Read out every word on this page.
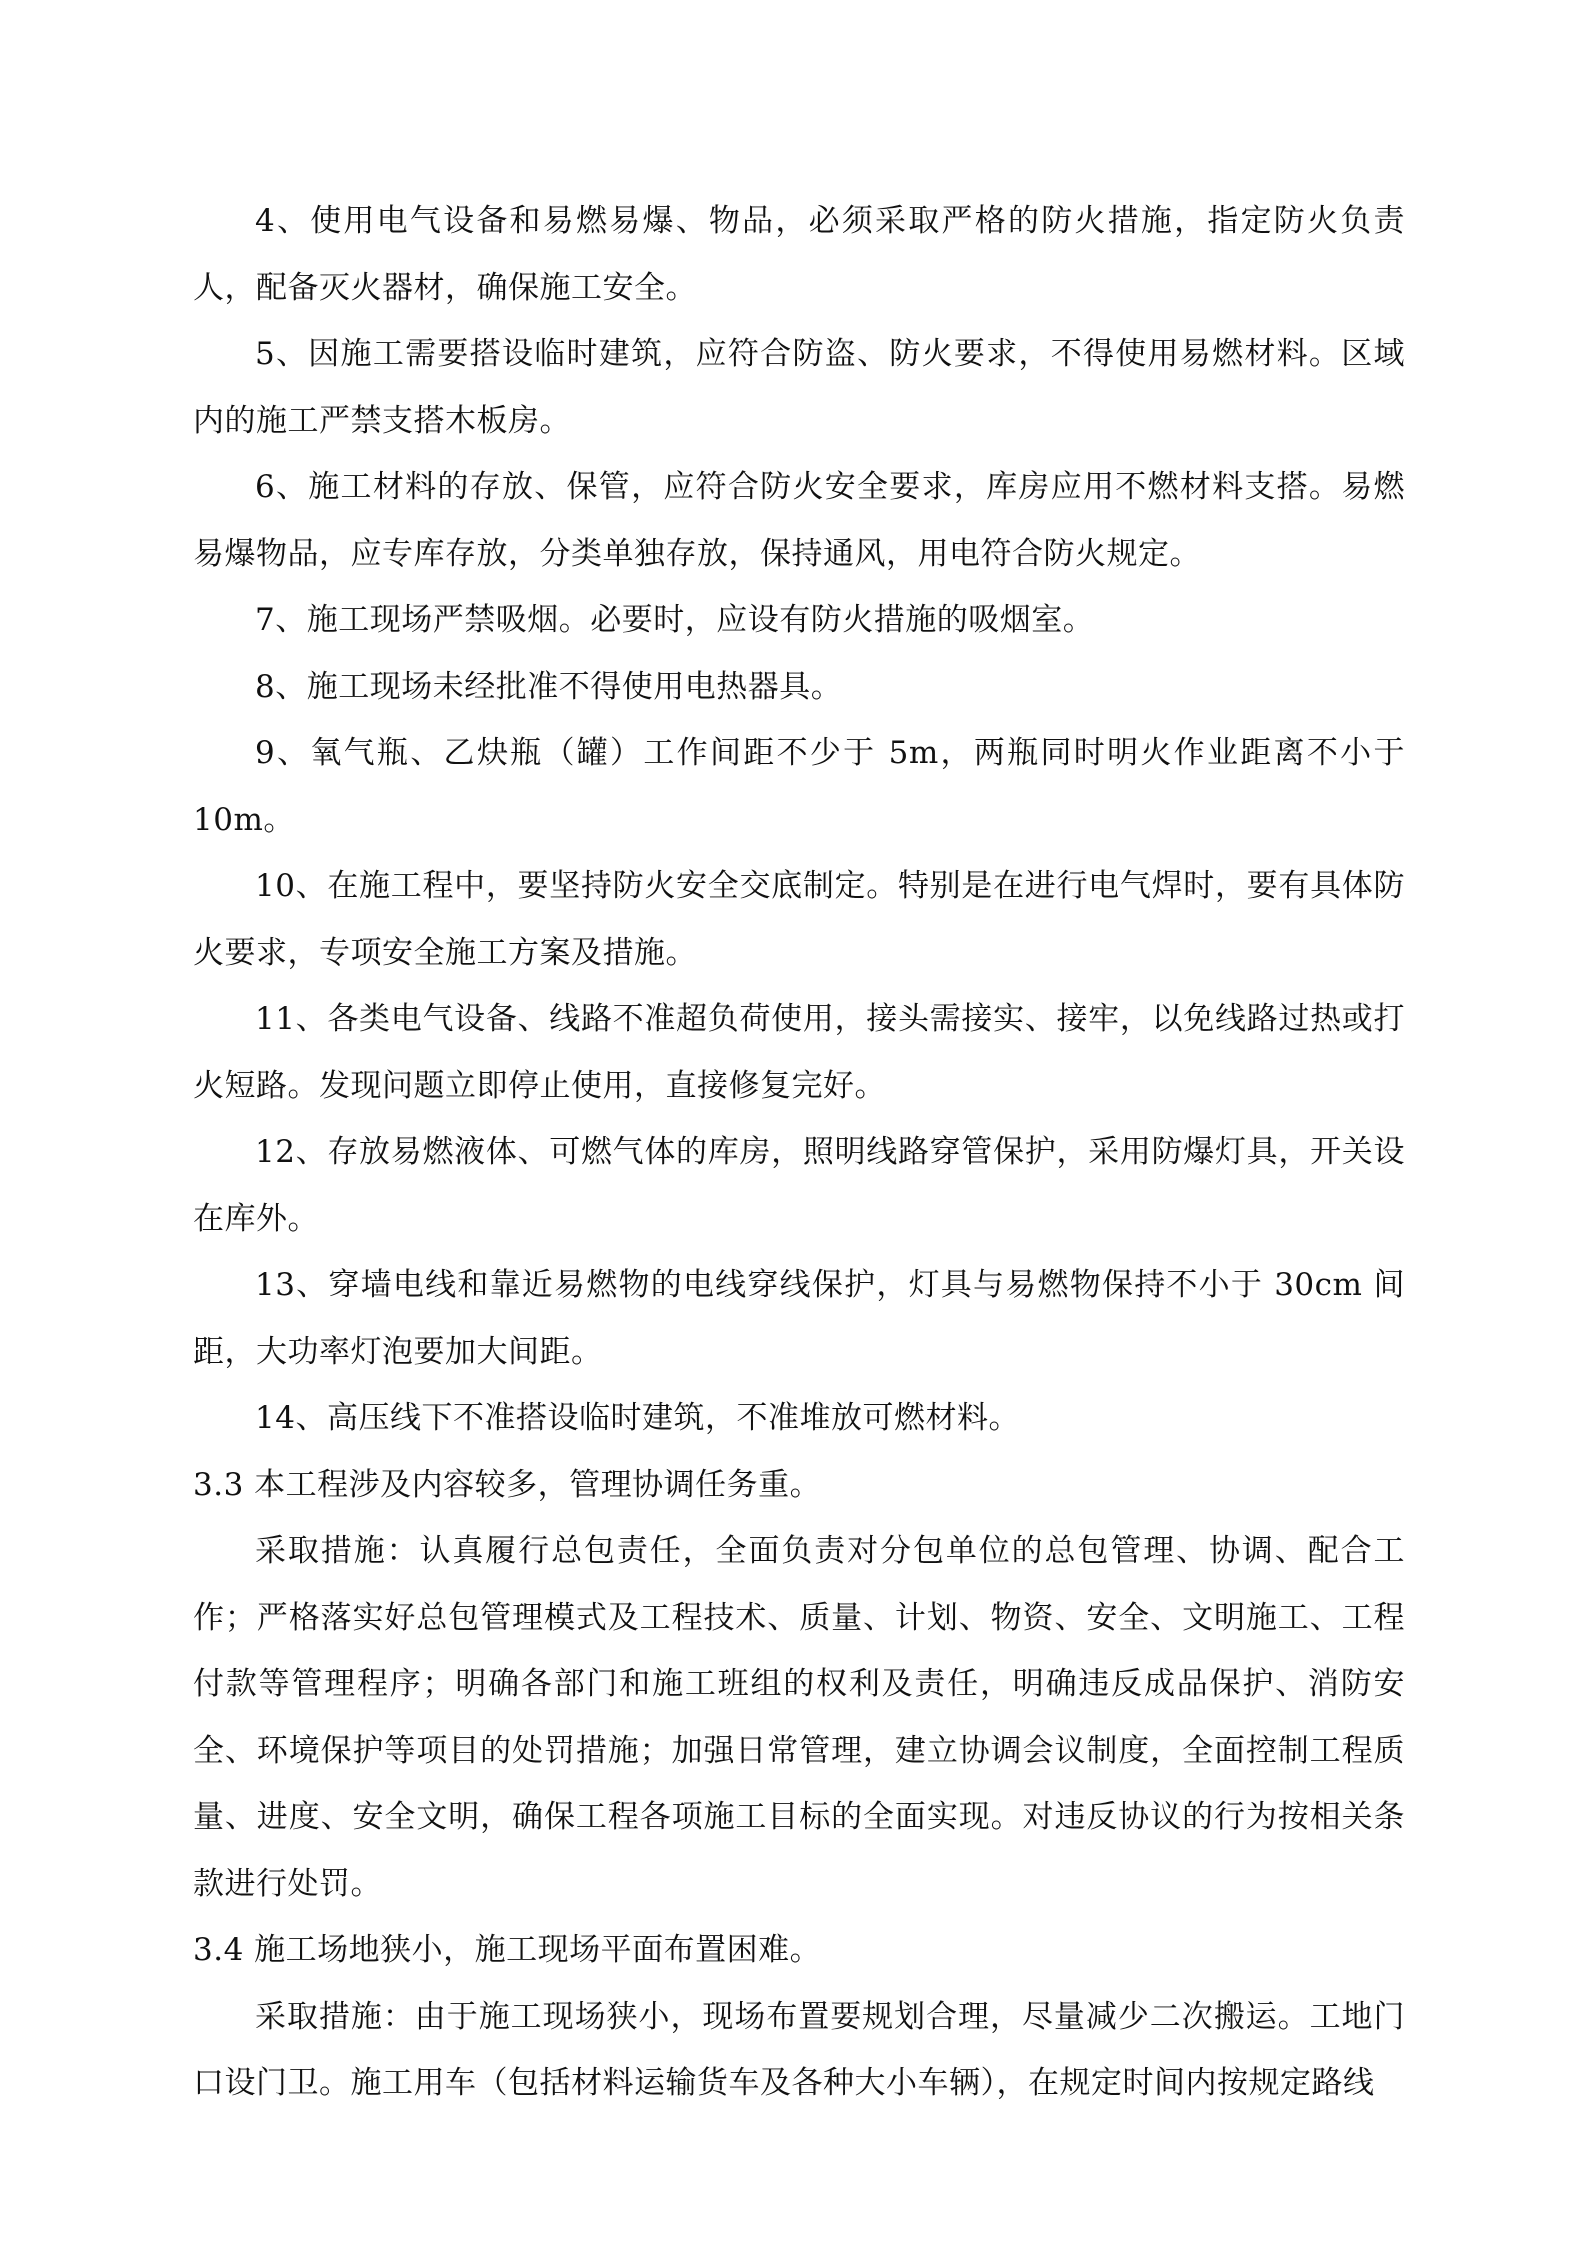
4、使用电气设备和易燃易爆、物品，必须采取严格的防火措施，指定防火负责人，配备灭火器材，确保施工安全。

5、因施工需要搭设临时建筑，应符合防盗、防火要求，不得使用易燃材料。区域内的施工严禁支搭木板房。

6、施工材料的存放、保管，应符合防火安全要求，库房应用不燃材料支搭。易燃易爆物品，应专库存放，分类单独存放，保持通风，用电符合防火规定。

7、施工现场严禁吸烟。必要时，应设有防火措施的吸烟室。

8、施工现场未经批准不得使用电热器具。

9、氧气瓶、乙炔瓶（罐）工作间距不少于 5m，两瓶同时明火作业距离不小于 10m。

10、在施工程中，要坚持防火安全交底制定。特别是在进行电气焊时，要有具体防火要求，专项安全施工方案及措施。

11、各类电气设备、线路不准超负荷使用，接头需接实、接牢，以免线路过热或打火短路。发现问题立即停止使用，直接修复完好。

12、存放易燃液体、可燃气体的库房，照明线路穿管保护，采用防爆灯具，开关设在库外。

13、穿墙电线和靠近易燃物的电线穿线保护，灯具与易燃物保持不小于 30cm 间距，大功率灯泡要加大间距。

14、高压线下不准搭设临时建筑，不准堆放可燃材料。

3.3 本工程涉及内容较多，管理协调任务重。

采取措施：认真履行总包责任，全面负责对分包单位的总包管理、协调、配合工作；严格落实好总包管理模式及工程技术、质量、计划、物资、安全、文明施工、工程付款等管理程序；明确各部门和施工班组的权利及责任，明确违反成品保护、消防安全、环境保护等项目的处罚措施；加强日常管理，建立协调会议制度，全面控制工程质量、进度、安全文明，确保工程各项施工目标的全面实现。对违反协议的行为按相关条款进行处罚。

3.4 施工场地狭小，施工现场平面布置困难。

采取措施：由于施工现场狭小，现场布置要规划合理，尽量减少二次搬运。工地门口设门卫。施工用车（包括材料运输货车及各种大小车辆），在规定时间内按规定路线
